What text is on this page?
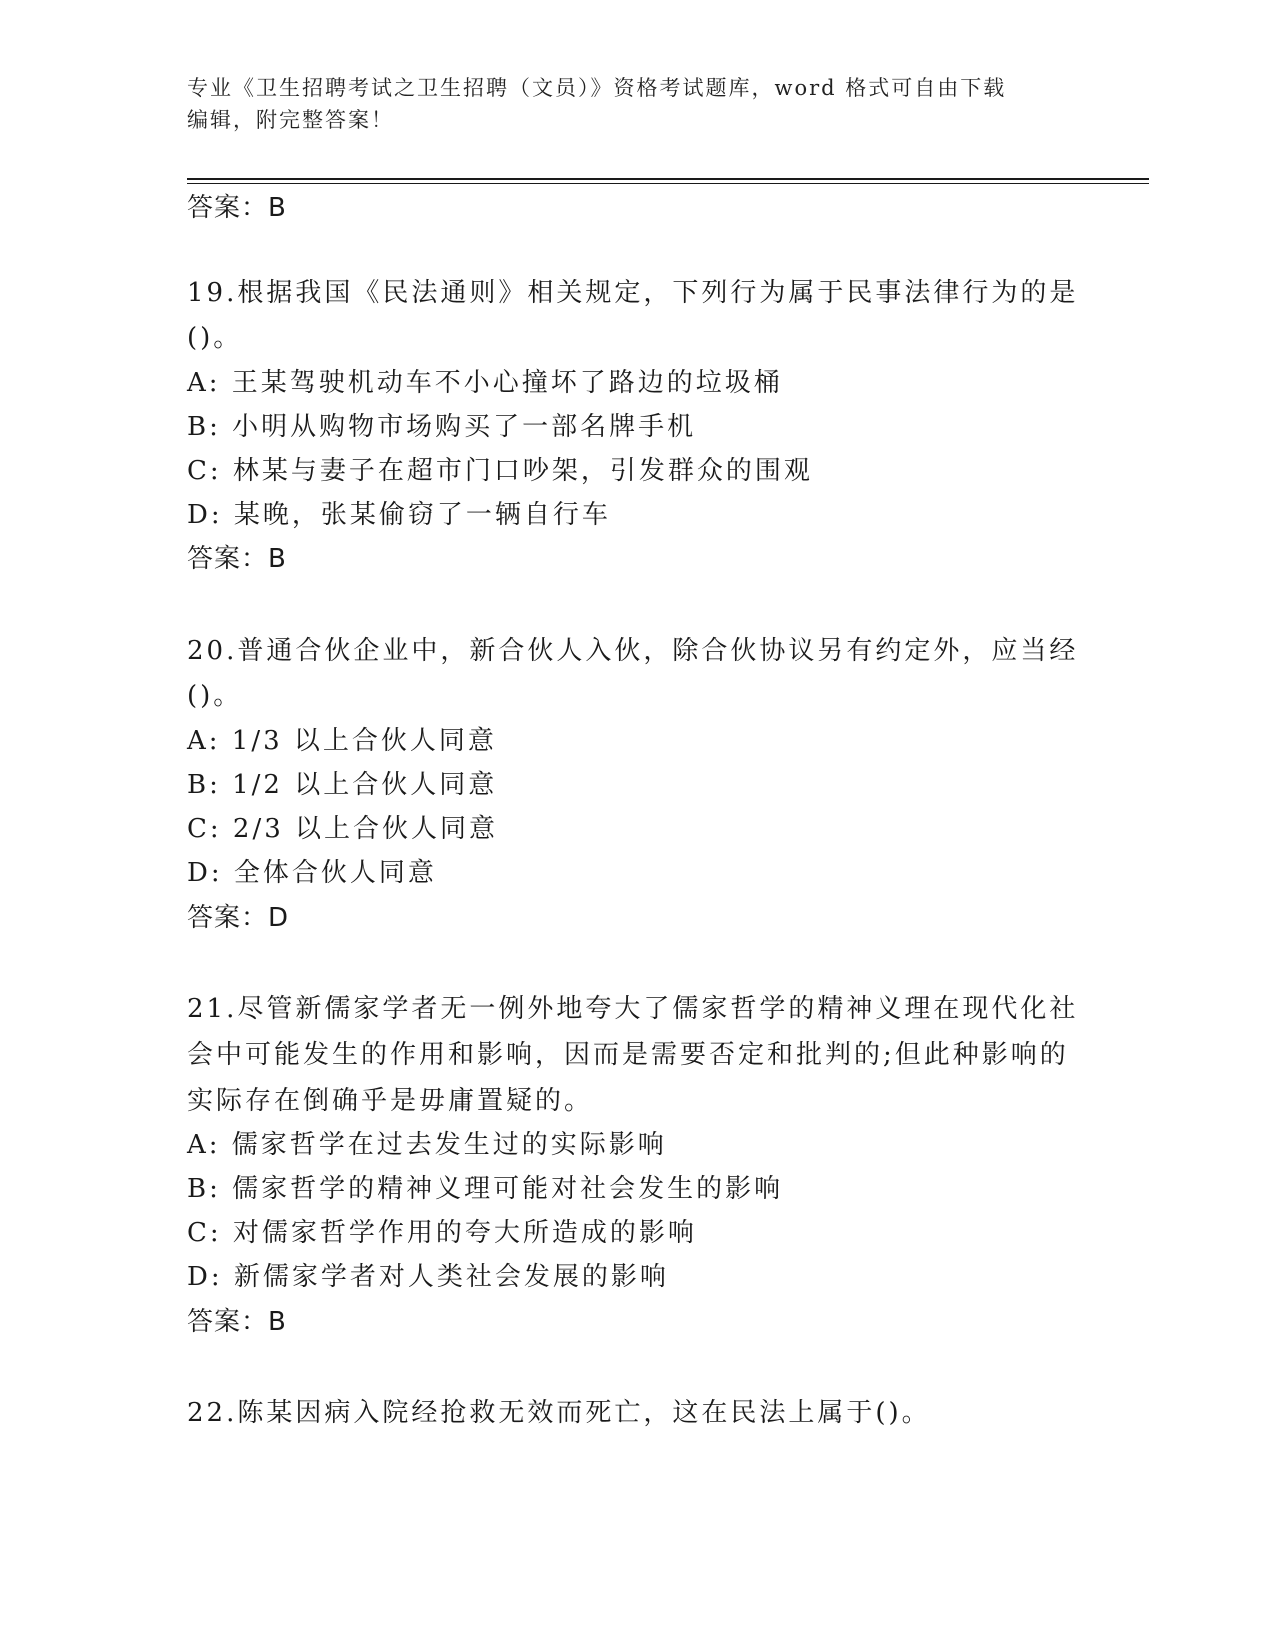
专业《卫生招聘考试之卫生招聘（文员）》资格考试题库，word 格式可自由下载
编辑，附完整答案！
答案：B
19.根据我国《民法通则》相关规定，下列行为属于民事法律行为的是
()。
A: 王某驾驶机动车不小心撞坏了路边的垃圾桶
B: 小明从购物市场购买了一部名牌手机
C: 林某与妻子在超市门口吵架，引发群众的围观
D: 某晚，张某偷窃了一辆自行车
答案：B
20.普通合伙企业中，新合伙人入伙，除合伙协议另有约定外，应当经
()。
A: 1/3 以上合伙人同意
B: 1/2 以上合伙人同意
C: 2/3 以上合伙人同意
D: 全体合伙人同意
答案：D
21.尽管新儒家学者无一例外地夸大了儒家哲学的精神义理在现代化社
会中可能发生的作用和影响，因而是需要否定和批判的;但此种影响的
实际存在倒确乎是毋庸置疑的。
A: 儒家哲学在过去发生过的实际影响
B: 儒家哲学的精神义理可能对社会发生的影响
C: 对儒家哲学作用的夸大所造成的影响
D: 新儒家学者对人类社会发展的影响
答案：B
22.陈某因病入院经抢救无效而死亡，这在民法上属于()。
